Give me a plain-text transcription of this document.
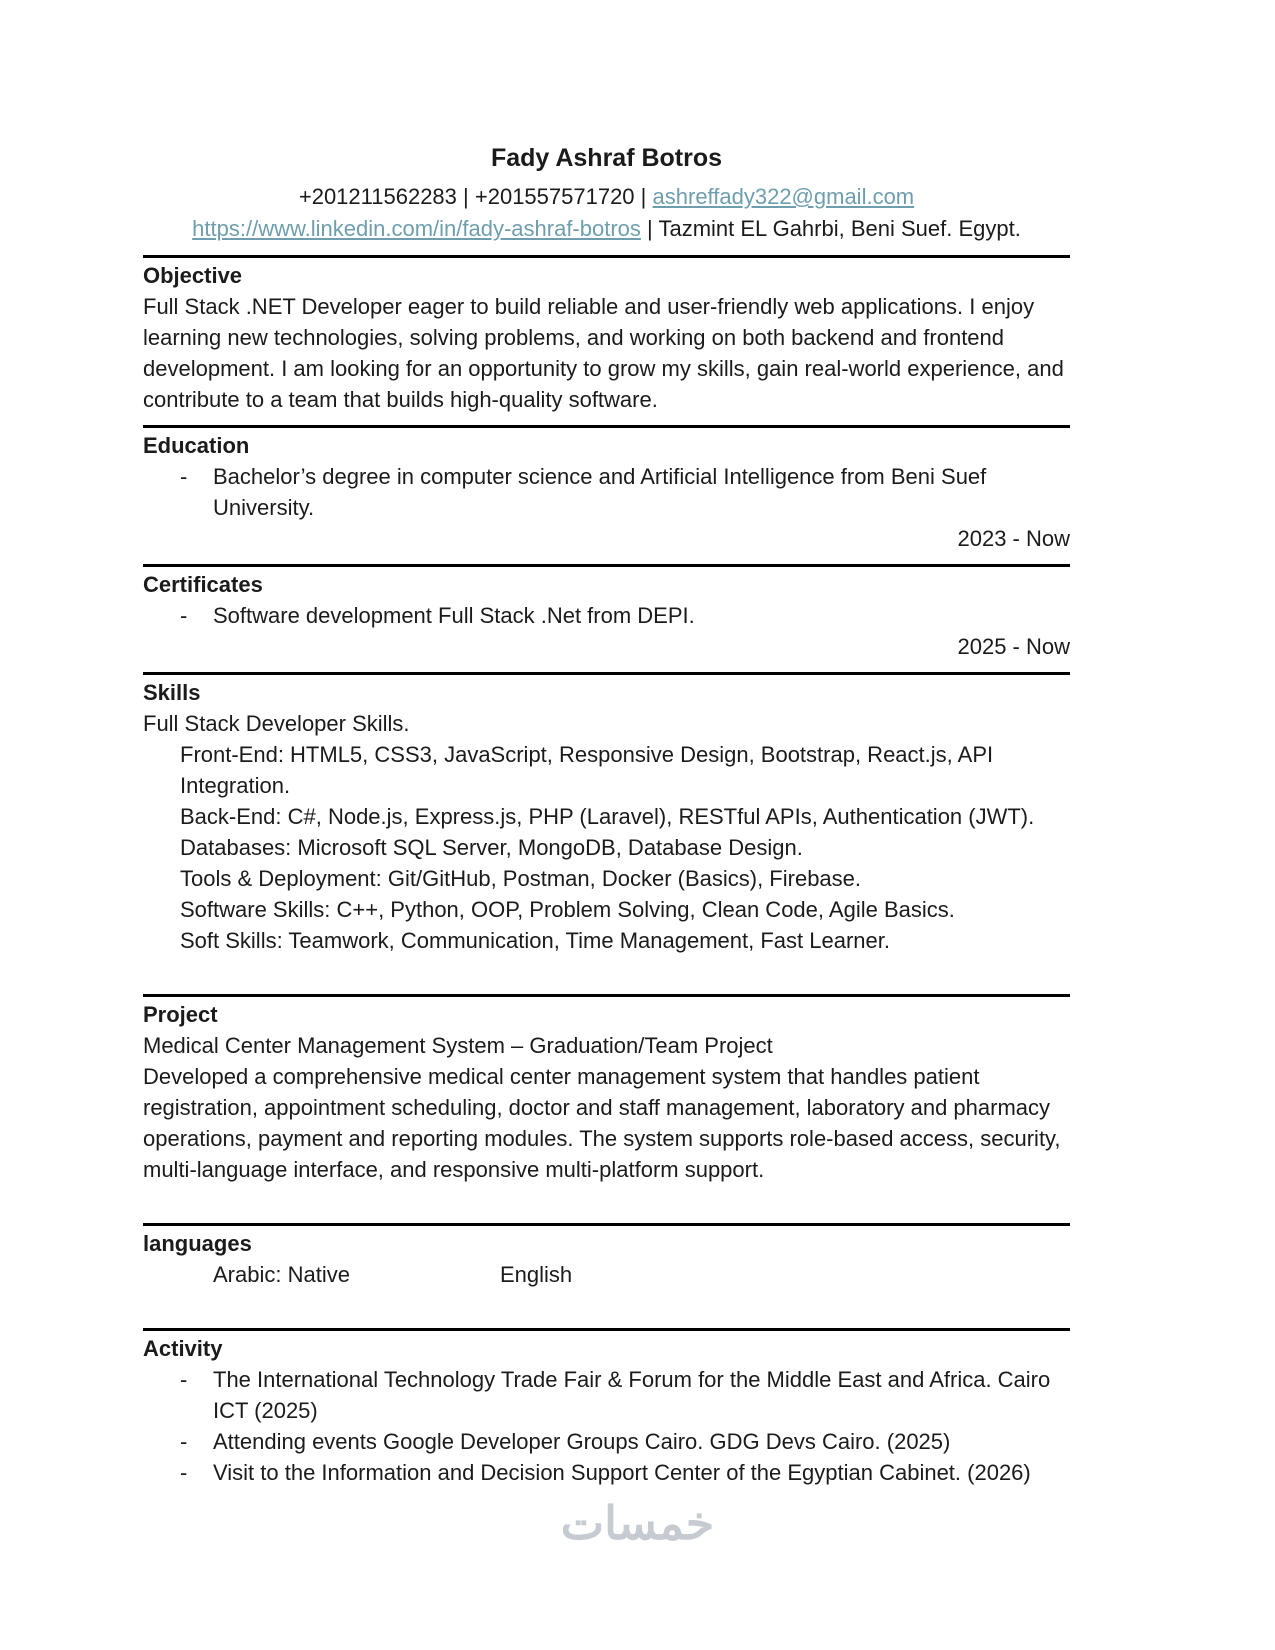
Fady Ashraf Botros
+201211562283 | +201557571720 | ashreffady322@gmail.com
https://www.linkedin.com/in/fady-ashraf-botros | Tazmint EL Gahrbi, Beni Suef. Egypt.
Objective

Full Stack .NET Developer eager to build reliable and user-friendly web applications. I enjoy learning new technologies, solving problems, and working on both backend and frontend development. I am looking for an opportunity to grow my skills, gain real-world experience, and contribute to a team that builds high-quality software.

Education
-	Bachelor’s degree in computer science and Artificial Intelligence from Beni Suef University.
2023 - Now
Certificates
-	Software development Full Stack .Net from DEPI.
2025 - Now
Skills
Full Stack Developer Skills.
Front-End: HTML5, CSS3, JavaScript, Responsive Design, Bootstrap, React.js, API Integration.
Back-End: C#, Node.js, Express.js, PHP (Laravel), RESTful APIs, Authentication (JWT).
Databases: Microsoft SQL Server, MongoDB, Database Design.
Tools & Deployment: Git/GitHub, Postman, Docker (Basics), Firebase.
Software Skills: C++, Python, OOP, Problem Solving, Clean Code, Agile Basics.
Soft Skills: Teamwork, Communication, Time Management, Fast Learner.
Project
Medical Center Management System – Graduation/Team Project

Developed a comprehensive medical center management system that handles patient registration, appointment scheduling, doctor and staff management, laboratory and pharmacy operations, payment and reporting modules. The system supports role-based access, security, multi-language interface, and responsive multi-platform support.

languages
Arabic: Native	English
Activity
-	The International Technology Trade Fair & Forum for the Middle East and Africa. Cairo ICT (2025)
-	Attending events Google Developer Groups Cairo. GDG Devs Cairo. (2025)
-	Visit to the Information and Decision Support Center of the Egyptian Cabinet. (2026)
خمسات
